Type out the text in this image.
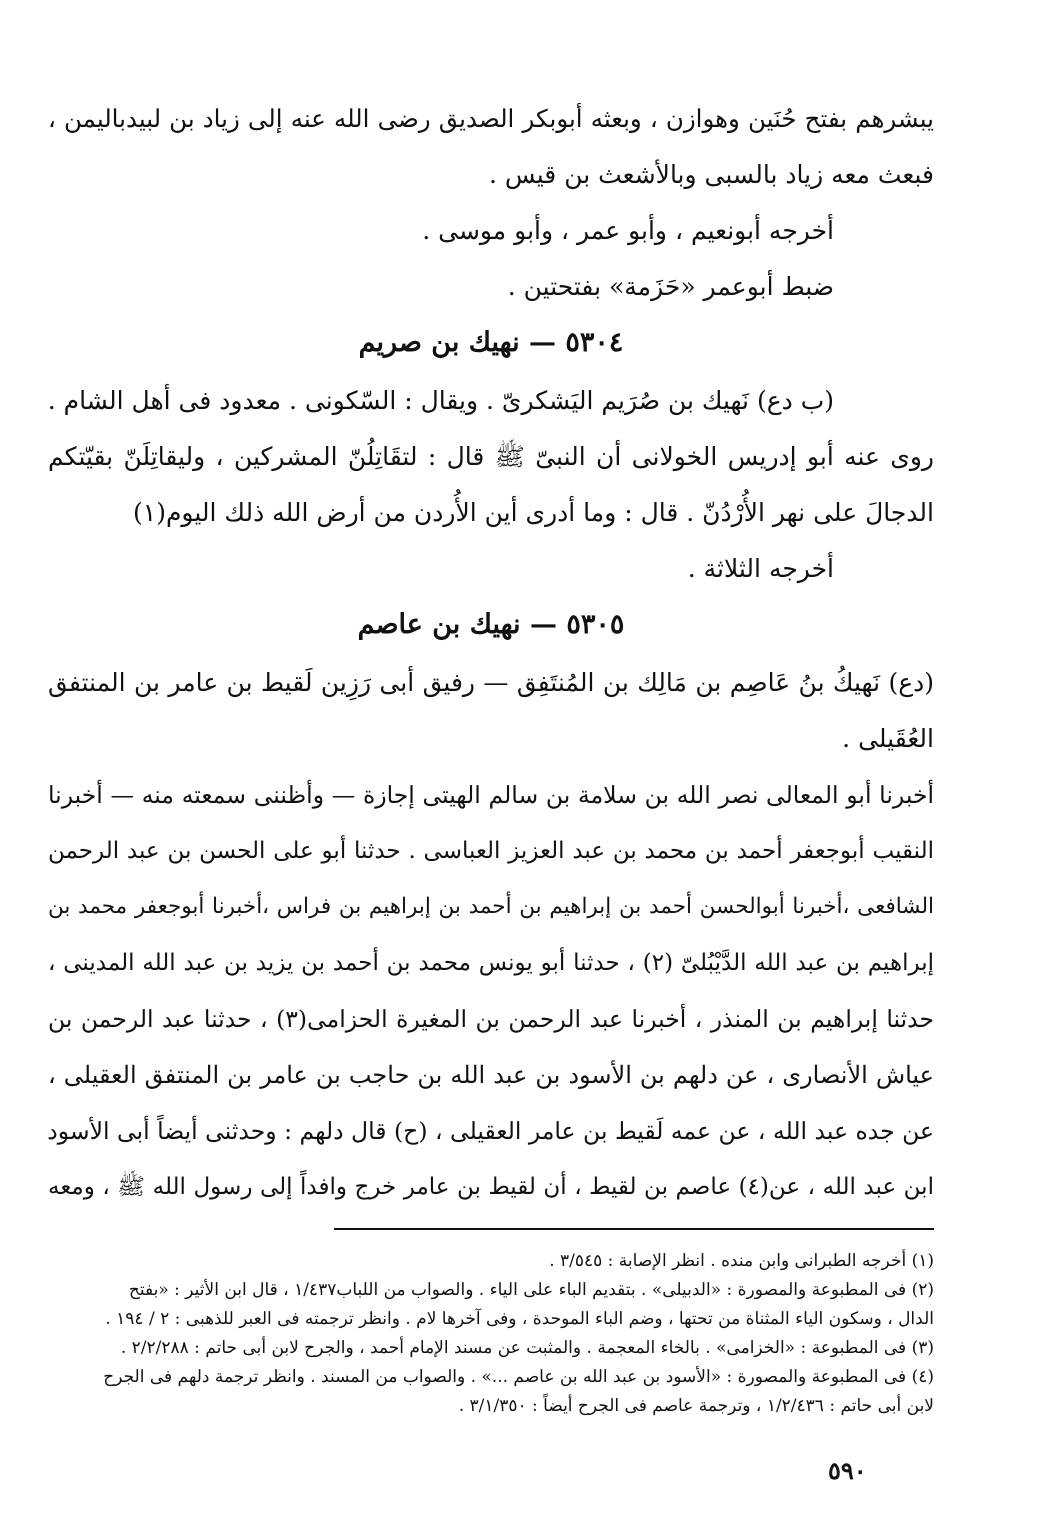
يبشرهم بفتح حُنَين وهوازن ، وبعثه أبوبكر الصديق رضى الله عنه إلى زياد بن لبيدباليمن ،

فبعث معه زياد بالسبى وبالأشعث بن قيس .

أخرجه أبونعيم ، وأبو عمر ، وأبو موسى .

ضبط أبوعمر «حَزَمة» بفتحتين .

٥٣٠٤ — نهيك بن صريم

(ب دع) نَهيك بن صُرَيم اليَشكرىّ . ويقال : السّكونى . معدود فى أهل الشام .

روى عنه أبو إدريس الخولانى أن النبىّ ﷺ قال : لتقَاتِلُنّ المشركين ، وليقاتِلَنّ بقيّتكم

الدجالَ على نهر الأُرْدُنّ . قال : وما أدرى أين الأُردن من أرض الله ذلك اليوم(١)

أخرجه الثلاثة .

٥٣٠٥ — نهيك بن عاصم

(دع) نَهيكُ بنُ عَاصِم بن مَالِك بن المُنتَفِق — رفيق أبى رَزِين لَقيط بن عامر بن المنتفق

العُقَيلى .

أخبرنا أبو المعالى نصر الله بن سلامة بن سالم الهيتى إجازة — وأظننى سمعته منه — أخبرنا

النقيب أبوجعفر أحمد بن محمد بن عبد العزيز العباسى . حدثنا أبو على الحسن بن عبد الرحمن

الشافعى ،أخبرنا أبوالحسن أحمد بن إبراهيم بن أحمد بن إبراهيم بن فراس ،أخبرنا أبوجعفر محمد بن

إبراهيم بن عبد الله الدَّيْبُلىّ (٢) ، حدثنا أبو يونس محمد بن أحمد بن يزيد بن عبد الله المدينى ،

حدثنا إبراهيم بن المنذر ، أخبرنا عبد الرحمن بن المغيرة الحزامى(٣) ، حدثنا عبد الرحمن بن

عياش الأنصارى ، عن دلهم بن الأسود بن عبد الله بن حاجب بن عامر بن المنتفق العقيلى ،

عن جده عبد الله ، عن عمه لَقيط بن عامر العقيلى ، (ح) قال دلهم : وحدثنى أيضاً أبى الأسود

ابن عبد الله ، عن(٤) عاصم بن لقيط ، أن لقيط بن عامر خرج وافداً إلى رسول الله ﷺ ، ومعه

(١) أخرجه الطبرانى وابن منده . انظر الإصابة : ٣/٥٤٥ .

(٢) فى المطبوعة والمصورة : «الدبيلى» . بتقديم الباء على الياء . والصواب من اللباب١/٤٣٧ ، قال ابن الأثير : «بفتح

الدال ، وسكون الياء المثناة من تحتها ، وضم الباء الموحدة ، وفى آخرها لام . وانظر ترجمته فى العبر للذهبى : ٢ / ١٩٤ .

(٣) فى المطبوعة : «الخزامى» . بالخاء المعجمة . والمثبت عن مسند الإمام أحمد ، والجرح لابن أبى حاتم : ٢/٢/٢٨٨ .

(٤) فى المطبوعة والمصورة : «الأسود بن عبد الله بن عاصم ...» . والصواب من المسند . وانظر ترجمة دلهم فى الجرح

لابن أبى حاتم : ١/٢/٤٣٦ ، وترجمة عاصم فى الجرح أيضاً : ٣/١/٣٥٠ .

٥٩٠
